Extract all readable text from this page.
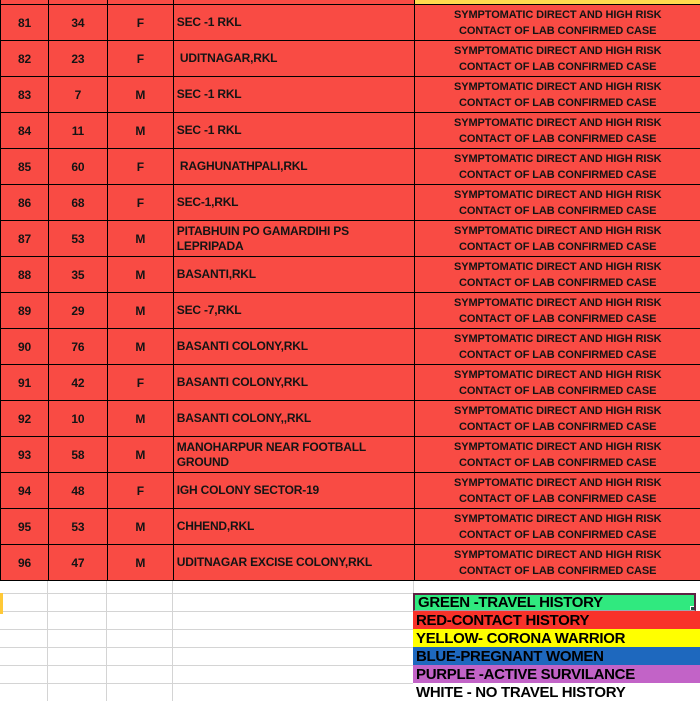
81	34	F	SEC -1 RKL
SYMPTOMATIC DIRECT AND HIGH RISK
CONTACT OF LAB CONFIRMED CASE
82	23	F	UDITNAGAR,RKL
SYMPTOMATIC DIRECT AND HIGH RISK
CONTACT OF LAB CONFIRMED CASE
83	7	M	SEC -1 RKL
SYMPTOMATIC DIRECT AND HIGH RISK
CONTACT OF LAB CONFIRMED CASE
84	11	M	SEC -1 RKL
SYMPTOMATIC DIRECT AND HIGH RISK
CONTACT OF LAB CONFIRMED CASE
85	60	F	RAGHUNATHPALI,RKL
SYMPTOMATIC DIRECT AND HIGH RISK
CONTACT OF LAB CONFIRMED CASE
86	68	F	SEC-1,RKL
SYMPTOMATIC DIRECT AND HIGH RISK
CONTACT OF LAB CONFIRMED CASE
87	53	M
PITABHUIN PO GAMARDIHI PS LEPRIPADA
SYMPTOMATIC DIRECT AND HIGH RISK
CONTACT OF LAB CONFIRMED CASE
88	35	M	BASANTI,RKL
SYMPTOMATIC DIRECT AND HIGH RISK
CONTACT OF LAB CONFIRMED CASE
89	29	M	SEC -7,RKL
SYMPTOMATIC DIRECT AND HIGH RISK
CONTACT OF LAB CONFIRMED CASE
90	76	M	BASANTI COLONY,RKL
SYMPTOMATIC DIRECT AND HIGH RISK
CONTACT OF LAB CONFIRMED CASE
91	42	F	BASANTI COLONY,RKL
SYMPTOMATIC DIRECT AND HIGH RISK
CONTACT OF LAB CONFIRMED CASE
92	10	M	BASANTI COLONY,,RKL
SYMPTOMATIC DIRECT AND HIGH RISK
CONTACT OF LAB CONFIRMED CASE
93	58	M
MANOHARPUR NEAR FOOTBALL GROUND
SYMPTOMATIC DIRECT AND HIGH RISK
CONTACT OF LAB CONFIRMED CASE
94	48	F	IGH COLONY SECTOR-19
SYMPTOMATIC DIRECT AND HIGH RISK
CONTACT OF LAB CONFIRMED CASE
95	53	M	CHHEND,RKL
SYMPTOMATIC DIRECT AND HIGH RISK
CONTACT OF LAB CONFIRMED CASE
96	47	M	UDITNAGAR EXCISE COLONY,RKL
SYMPTOMATIC DIRECT AND HIGH RISK
CONTACT OF LAB CONFIRMED CASE
GREEN -TRAVEL HISTORY
RED-CONTACT HISTORY
YELLOW- CORONA WARRIOR
BLUE-PREGNANT WOMEN
PURPLE -ACTIVE SURVILANCE
WHITE - NO TRAVEL HISTORY
